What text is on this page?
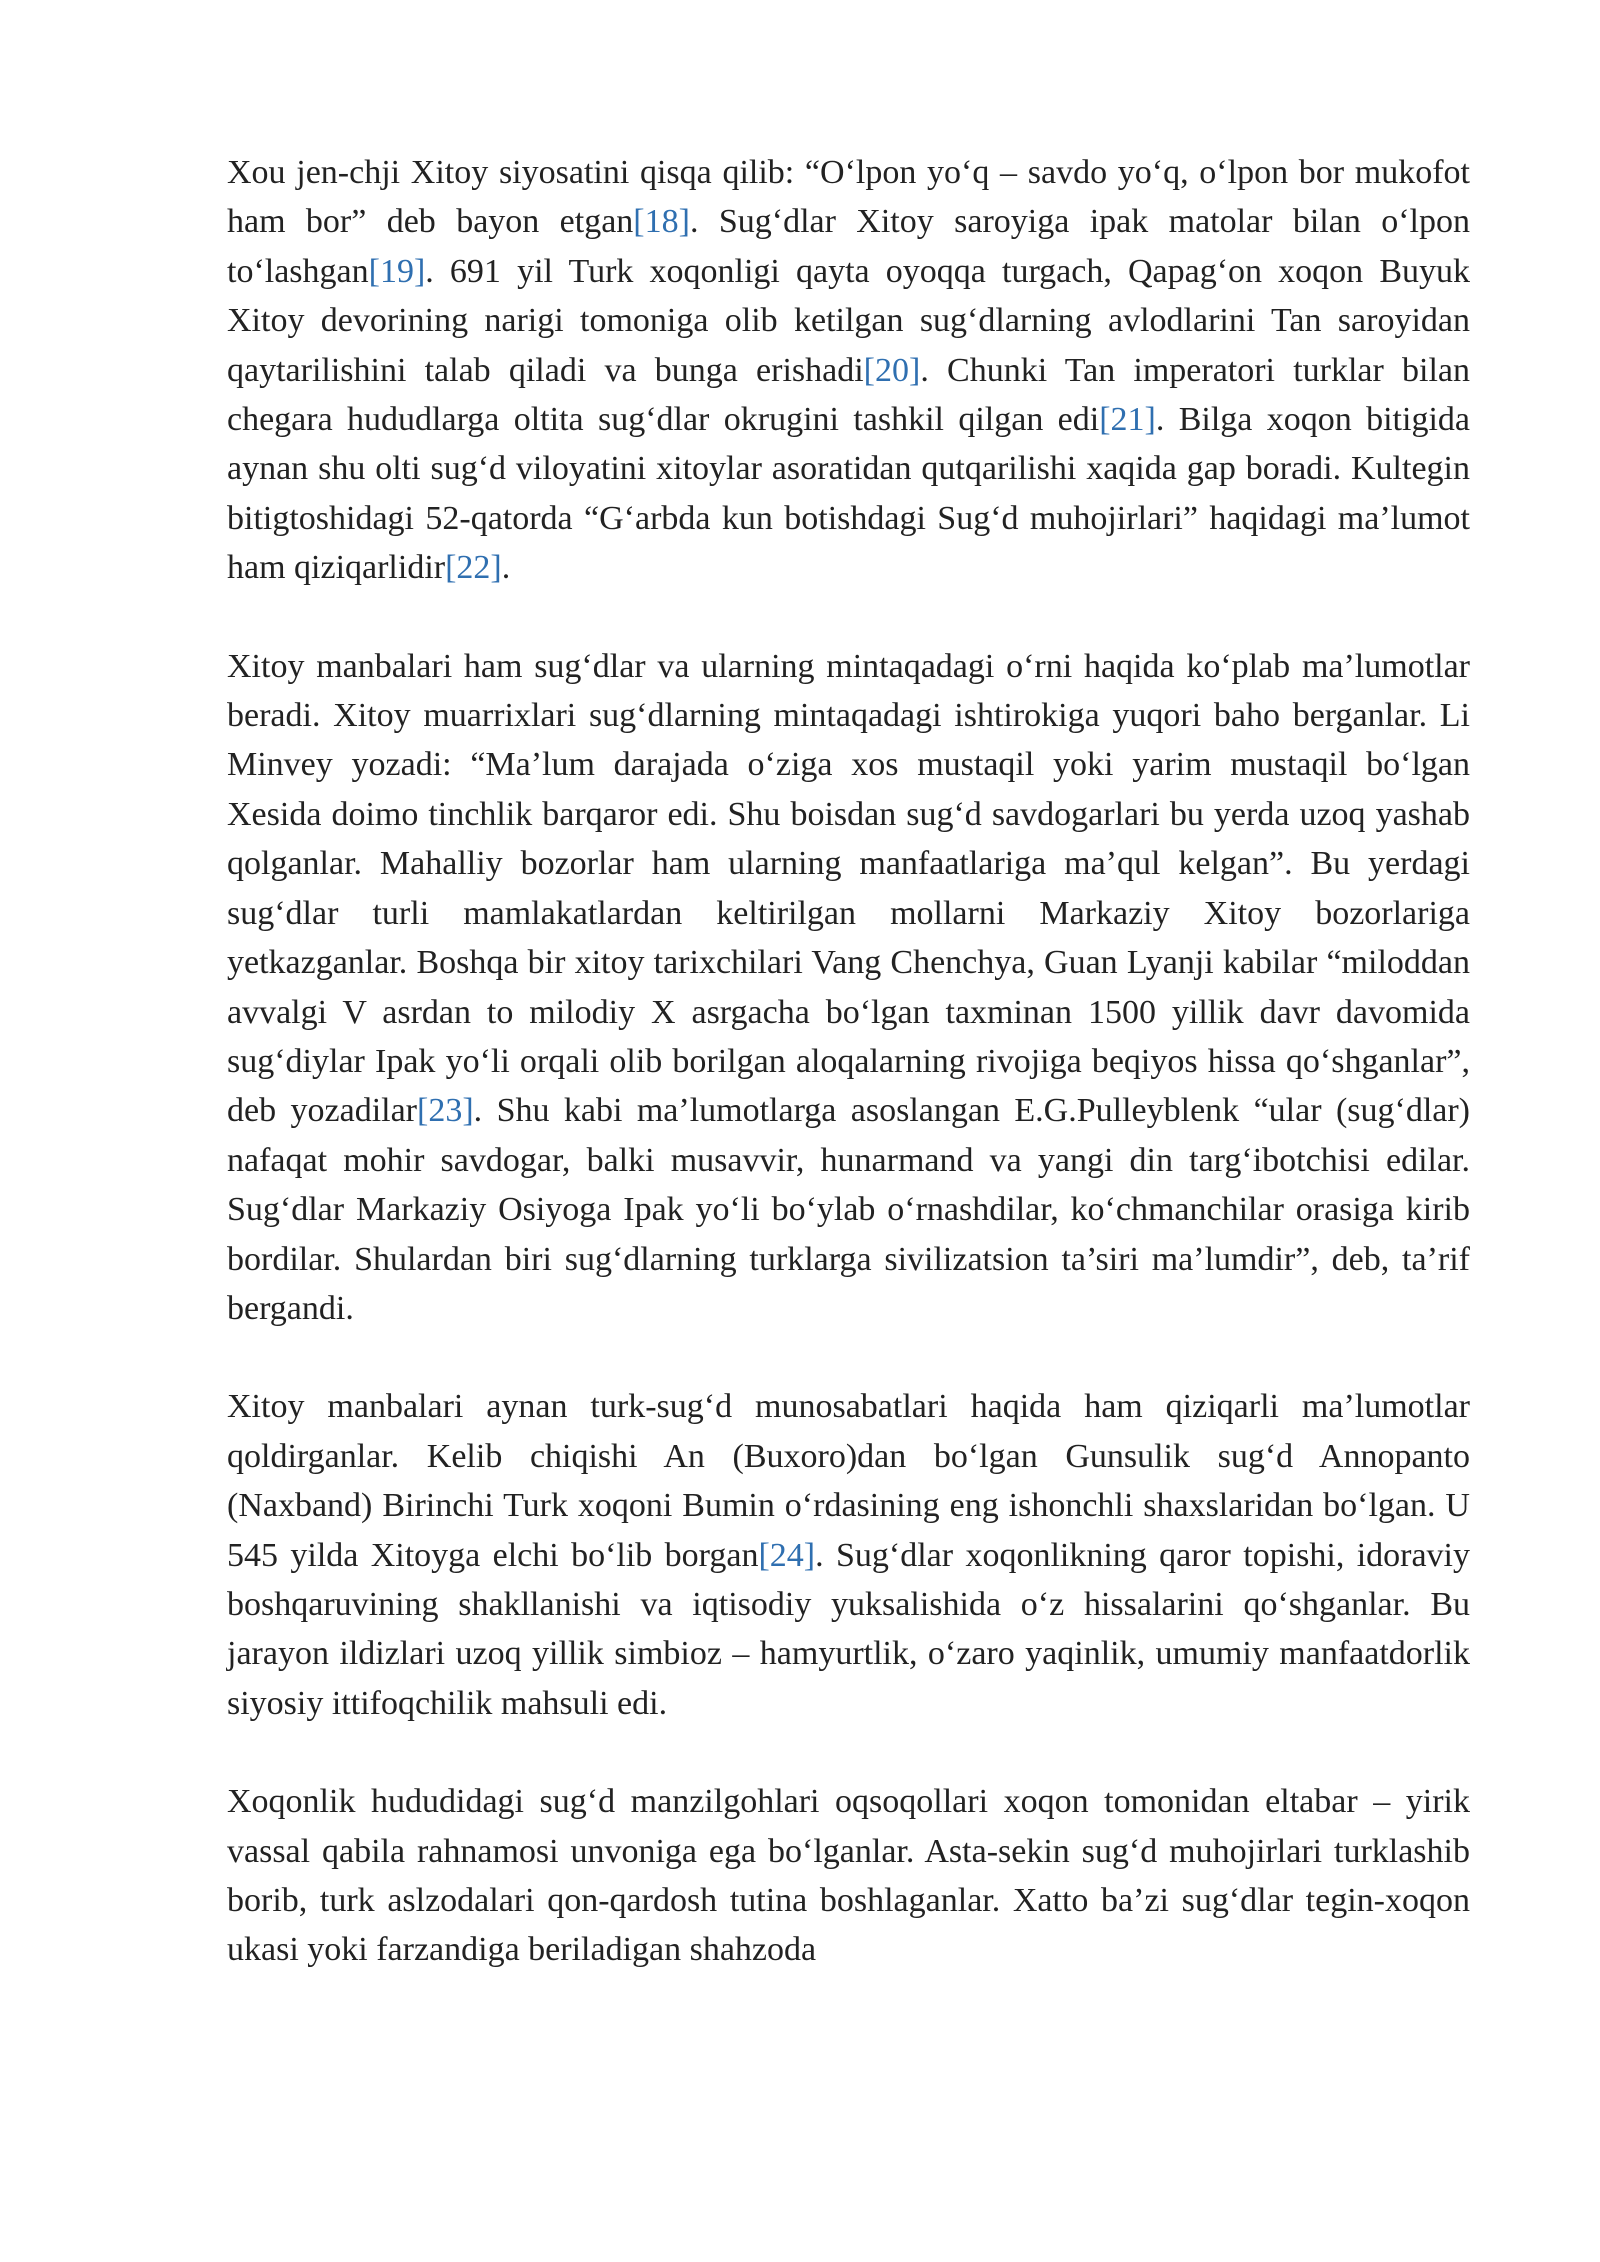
Xou jen-chji Xitoy siyosatini qisqa qilib: “Oʻlpon yoʻq – savdo yoʻq, oʻlpon bor mukofot ham bor” deb bayon etgan[18]. Sugʻdlar Xitoy saroyiga ipak matolar bilan oʻlpon toʻlashgan[19]. 691 yil Turk xoqonligi qayta oyoqqa turgach, Qapagʻon xoqon Buyuk Xitoy devorining narigi tomoniga olib ketilgan sugʻdlarning avlodlarini Tan saroyidan qaytarilishini talab qiladi va bunga erishadi[20]. Chunki Tan imperatori turklar bilan chegara hududlarga oltita sugʻdlar okrugini tashkil qilgan edi[21]. Bilga xoqon bitigida aynan shu olti sugʻd viloyatini xitoylar asoratidan qutqarilishi xaqida gap boradi. Kultegin bitigtoshidagi 52-qatorda “Gʻarbda kun botishdagi Sugʻd muhojirlari” haqidagi ma’lumot ham qiziqarlidir[22].

Xitoy manbalari ham sugʻdlar va ularning mintaqadagi oʻrni haqida koʻplab ma’lumotlar beradi. Xitoy muarrixlari sugʻdlarning mintaqadagi ishtirokiga yuqori baho berganlar. Li Minvey yozadi: “Ma’lum darajada oʻziga xos mustaqil yoki yarim mustaqil boʻlgan Xesida doimo tinchlik barqaror edi. Shu boisdan sugʻd savdogarlari bu yerda uzoq yashab qolganlar. Mahalliy bozorlar ham ularning manfaatlariga ma’qul kelgan”. Bu yerdagi sugʻdlar turli mamlakatlardan keltirilgan mollarni Markaziy Xitoy bozorlariga yetkazganlar. Boshqa bir xitoy tarixchilari Vang Chenchya, Guan Lyanji kabilar “miloddan avvalgi V asrdan to milodiy X asrgacha boʻlgan taxminan 1500 yillik davr davomida sugʻdiylar Ipak yoʻli orqali olib borilgan aloqalarning rivojiga beqiyos hissa qoʻshganlar”, deb yozadilar[23]. Shu kabi ma’lumotlarga asoslangan E.G.Pulleyblenk “ular (sugʻdlar) nafaqat mohir savdogar, balki musavvir, hunarmand va yangi din targʻibotchisi edilar. Sugʻdlar Markaziy Osiyoga Ipak yoʻli boʻylab oʻrnashdilar, koʻchmanchilar orasiga kirib bordilar. Shulardan biri sugʻdlarning turklarga sivilizatsion ta’siri ma’lumdir”, deb, ta’rif bergandi.

Xitoy manbalari aynan turk-sugʻd munosabatlari haqida ham qiziqarli ma’lumotlar qoldirganlar. Kelib chiqishi An (Buxoro)dan boʻlgan Gunsulik sugʻd Annopanto (Naxband) Birinchi Turk xoqoni Bumin oʻrdasining eng ishonchli shaxslaridan boʻlgan. U 545 yilda Xitoyga elchi boʻlib borgan[24]. Sugʻdlar xoqonlikning qaror topishi, idoraviy boshqaruvining shakllanishi va iqtisodiy yuksalishida oʻz hissalarini qoʻshganlar. Bu jarayon ildizlari uzoq yillik simbioz – hamyurtlik, oʻzaro yaqinlik, umumiy manfaatdorlik siyosiy ittifoqchilik mahsuli edi.

Xoqonlik hududidagi sugʻd manzilgohlari oqsoqollari xoqon tomonidan eltabar – yirik vassal qabila rahnamosi unvoniga ega boʻlganlar. Asta-sekin sugʻd muhojirlari turklashib borib, turk aslzodalari qon-qardosh tutina boshlaganlar. Xatto ba’zi sugʻdlar tegin-xoqon ukasi yoki farzandiga beriladigan shahzoda
